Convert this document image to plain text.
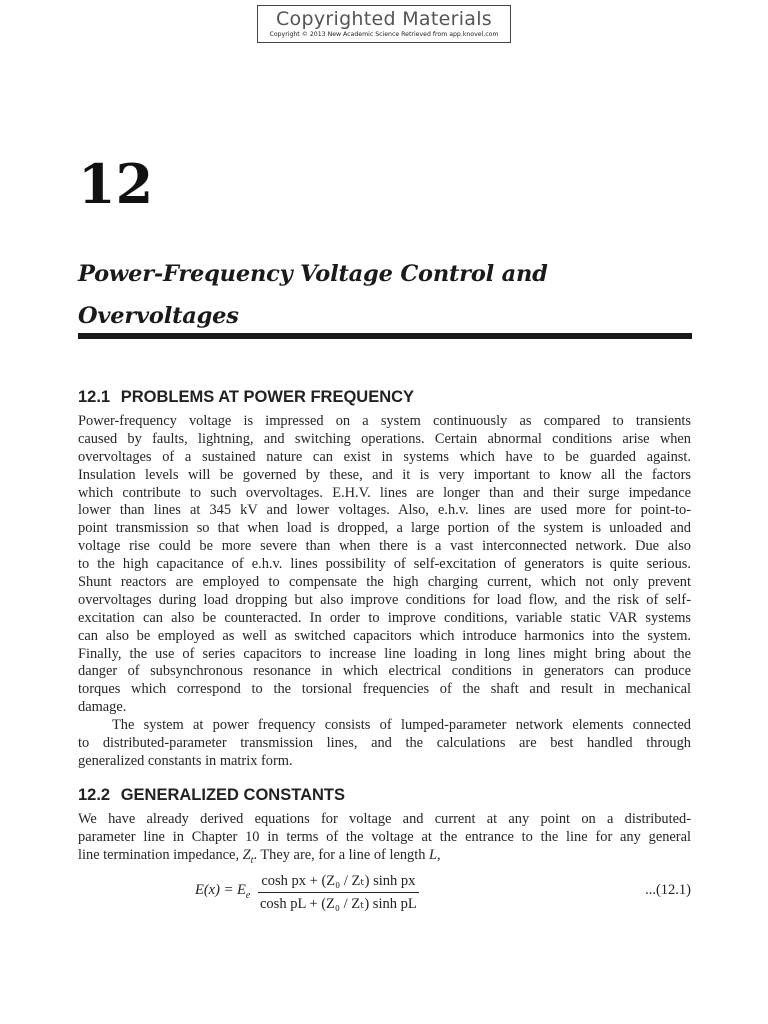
Copyrighted Materials
Copyright © 2013 New Academic Science Retrieved from app.knovel.com
12
Power-Frequency Voltage Control and
Overvoltages
12.1 PROBLEMS AT POWER FREQUENCY
Power-frequency voltage is impressed on a system continuously as compared to transients
caused by faults, lightning, and switching operations. Certain abnormal conditions arise when
overvoltages of a sustained nature can exist in systems which have to be guarded against.
Insulation levels will be governed by these, and it is very important to know all the factors
which contribute to such overvoltages. E.H.V. lines are longer than and their surge impedance
lower than lines at 345 kV and lower voltages. Also, e.h.v. lines are used more for point-to-
point transmission so that when load is dropped, a large portion of the system is unloaded and
voltage rise could be more severe than when there is a vast interconnected network. Due also
to the high capacitance of e.h.v. lines possibility of self-excitation of generators is quite serious.
Shunt reactors are employed to compensate the high charging current, which not only prevent
overvoltages during load dropping but also improve conditions for load flow, and the risk of self-
excitation can also be counteracted. In order to improve conditions, variable static VAR systems
can also be employed as well as switched capacitors which introduce harmonics into the system.
Finally, the use of series capacitors to increase line loading in long lines might bring about the
danger of subsynchronous resonance in which electrical conditions in generators can produce
torques which correspond to the torsional frequencies of the shaft and result in mechanical
damage.
The system at power frequency consists of lumped-parameter network elements connected
to distributed-parameter transmission lines, and the calculations are best handled through
generalized constants in matrix form.
12.2 GENERALIZED CONSTANTS
We have already derived equations for voltage and current at any point on a distributed-
parameter line in Chapter 10 in terms of the voltage at the entrance to the line for any general
line termination impedance, $Z_t$. They are, for a line of length L,
$E(x) = E_e$
cosh px + (Z₀ / Zₜ) sinh px
cosh pL + (Z₀ / Zₜ) sinh pL
...(12.1)
